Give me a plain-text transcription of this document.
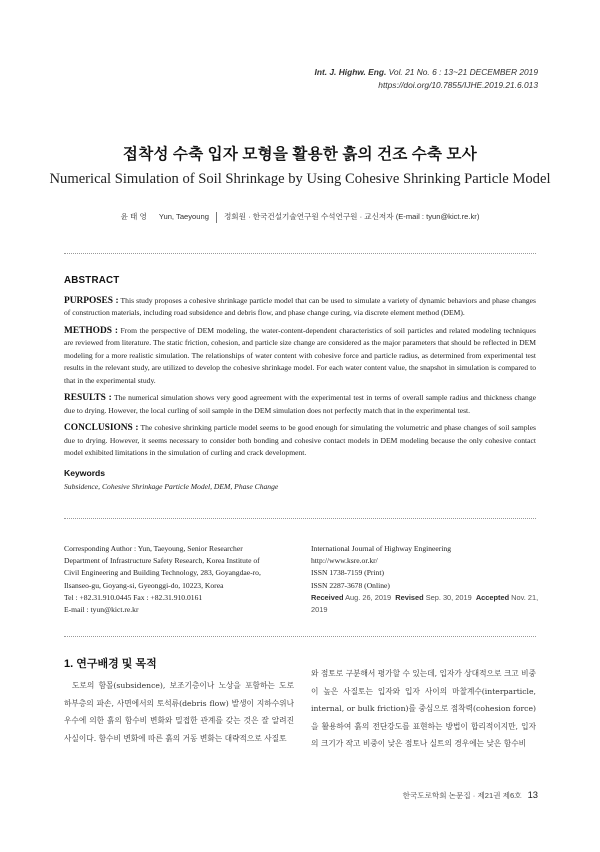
Int. J. Highw. Eng. Vol. 21 No. 6 : 13~21 DECEMBER 2019
https://doi.org/10.7855/IJHE.2019.21.6.013
접착성 수축 입자 모형을 활용한 흙의 건조 수축 모사
Numerical Simulation of Soil Shrinkage by Using Cohesive Shrinking Particle Model
윤 태 영 Yun, Taeyoung 정회원 · 한국건설기술연구원 수석연구원 · 교신저자 (E-mail : tyun@kict.re.kr)
ABSTRACT

PURPOSES : This study proposes a cohesive shrinkage particle model that can be used to simulate a variety of dynamic behaviors and phase changes of construction materials, including road subsidence and debris flow, and phase change curing, via discrete element method (DEM).

METHODS : From the perspective of DEM modeling, the water-content-dependent characteristics of soil particles and related modeling techniques are reviewed from literature. The static friction, cohesion, and particle size change are considered as the major parameters that should be reflected in DEM modeling for a more realistic simulation. The relationships of water content with cohesive force and particle radius, as determined from experimental test results in the relevant study, are utilized to develop the cohesive shrinkage model. For each water content value, the snapshot in simulation is compared to that in the experimental study.

RESULTS : The numerical simulation shows very good agreement with the experimental test in terms of overall sample radius and thickness change due to drying. However, the local curling of soil sample in the DEM simulation does not perfectly match that in the experimental test.

CONCLUSIONS : The cohesive shrinking particle model seems to be good enough for simulating the volumetric and phase changes of soil samples due to drying. However, it seems necessary to consider both bonding and cohesive contact models in DEM modeling because the only cohesive contact model exhibited limitations in the simulation of curling and crack development.

Keywords
Subsidence, Cohesive Shrinkage Particle Model, DEM, Phase Change
Corresponding Author : Yun, Taeyoung, Senior Researcher
Department of Infrastructure Safety Research, Korea Institute of
Civil Engineering and Building Technology, 283, Goyangdae-ro,
Ilsanseo-gu, Goyang-si, Gyeonggi-do, 10223, Korea
Tel : +82.31.910.0445 Fax : +82.31.910.0161
E-mail : tyun@kict.re.kr
International Journal of Highway Engineering
http://www.ksre.or.kr/
ISSN 1738-7159 (Print)
ISSN 2287-3678 (Online)
Received Aug. 26, 2019 Revised Sep. 30, 2019 Accepted Nov. 21, 2019
1. 연구배경 및 목적

도로의 함몰(subsidence), 보조기층이나 노상을 포함하는 도로 하부층의 파손, 사면에서의 토석류(debris flow) 발생이 지하수위나 우수에 의한 흙의 함수비 변화와 밀접한 관계를 갖는 것은 잘 알려진 사실이다. 함수비 변화에 따른 흙의 거동 변화는 대략적으로 사질토

와 점토로 구분해서 평가할 수 있는데, 입자가 상대적으로 크고 비중이 높은 사질토는 입자와 입자 사이의 마찰계수(interparticle, internal, or bulk friction)를 중심으로 점착력(cohesion force)을 활용하여 흙의 전단강도를 표현하는 방법이 합리적이지만, 입자의 크기가 작고 비중이 낮은 점토나 실트의 경우에는 낮은 함수비

한국도로학회 논문집 · 제21권 제6호 13
